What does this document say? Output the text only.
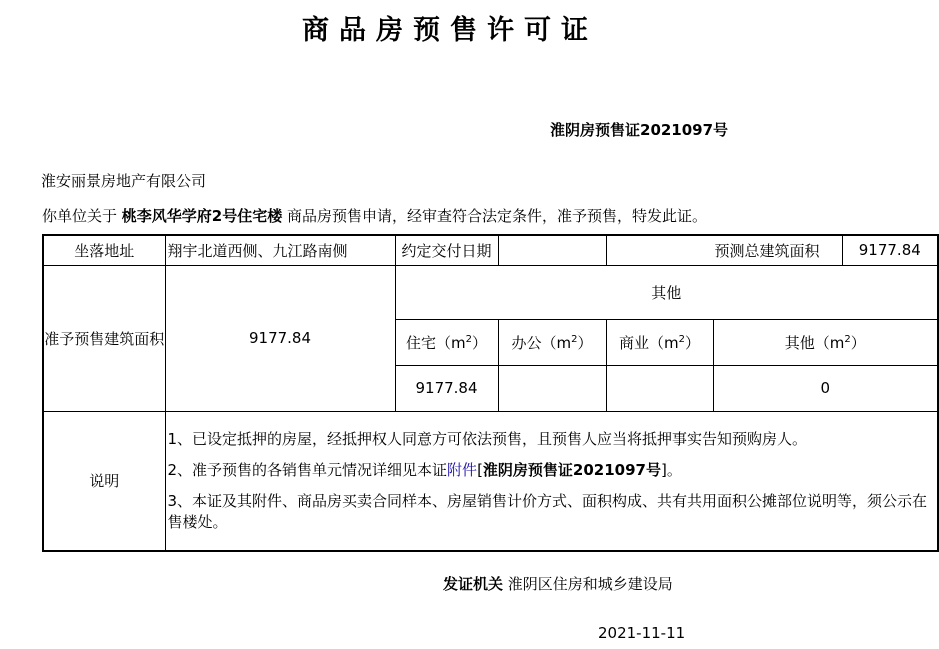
商品房预售许可证
淮阴房预售证2021097号
淮安丽景房地产有限公司
你单位关于 桃李风华学府2号住宅楼 商品房预售申请，经审查符合法定条件，准予预售，特发此证。
坐落地址	翔宇北道西侧、九江路南侧	约定交付日期		预测总建筑面积		9177.84
准予预售建筑面积	9177.84	其他				
		住宅$(m^2)$	办公$(m^2)$	商业$(m^2)$	其他$(m^2)$	
		9177.84			0	
说明	1、已设定抵押的房屋，经抵押权人同意方可依法预售，且预售人应当将抵押事实告知预购房人。

2、准予预售的各销售单元情况详细见本证附件[淮阴房预售证2021097号]。

3、本证及其附件、商品房买卖合同样本、房屋销售计价方式、面积构成、共有共用面积公摊部位说明等，须公示在售楼处。					

发证机关 淮阴区住房和城乡建设局
2021-11-11
